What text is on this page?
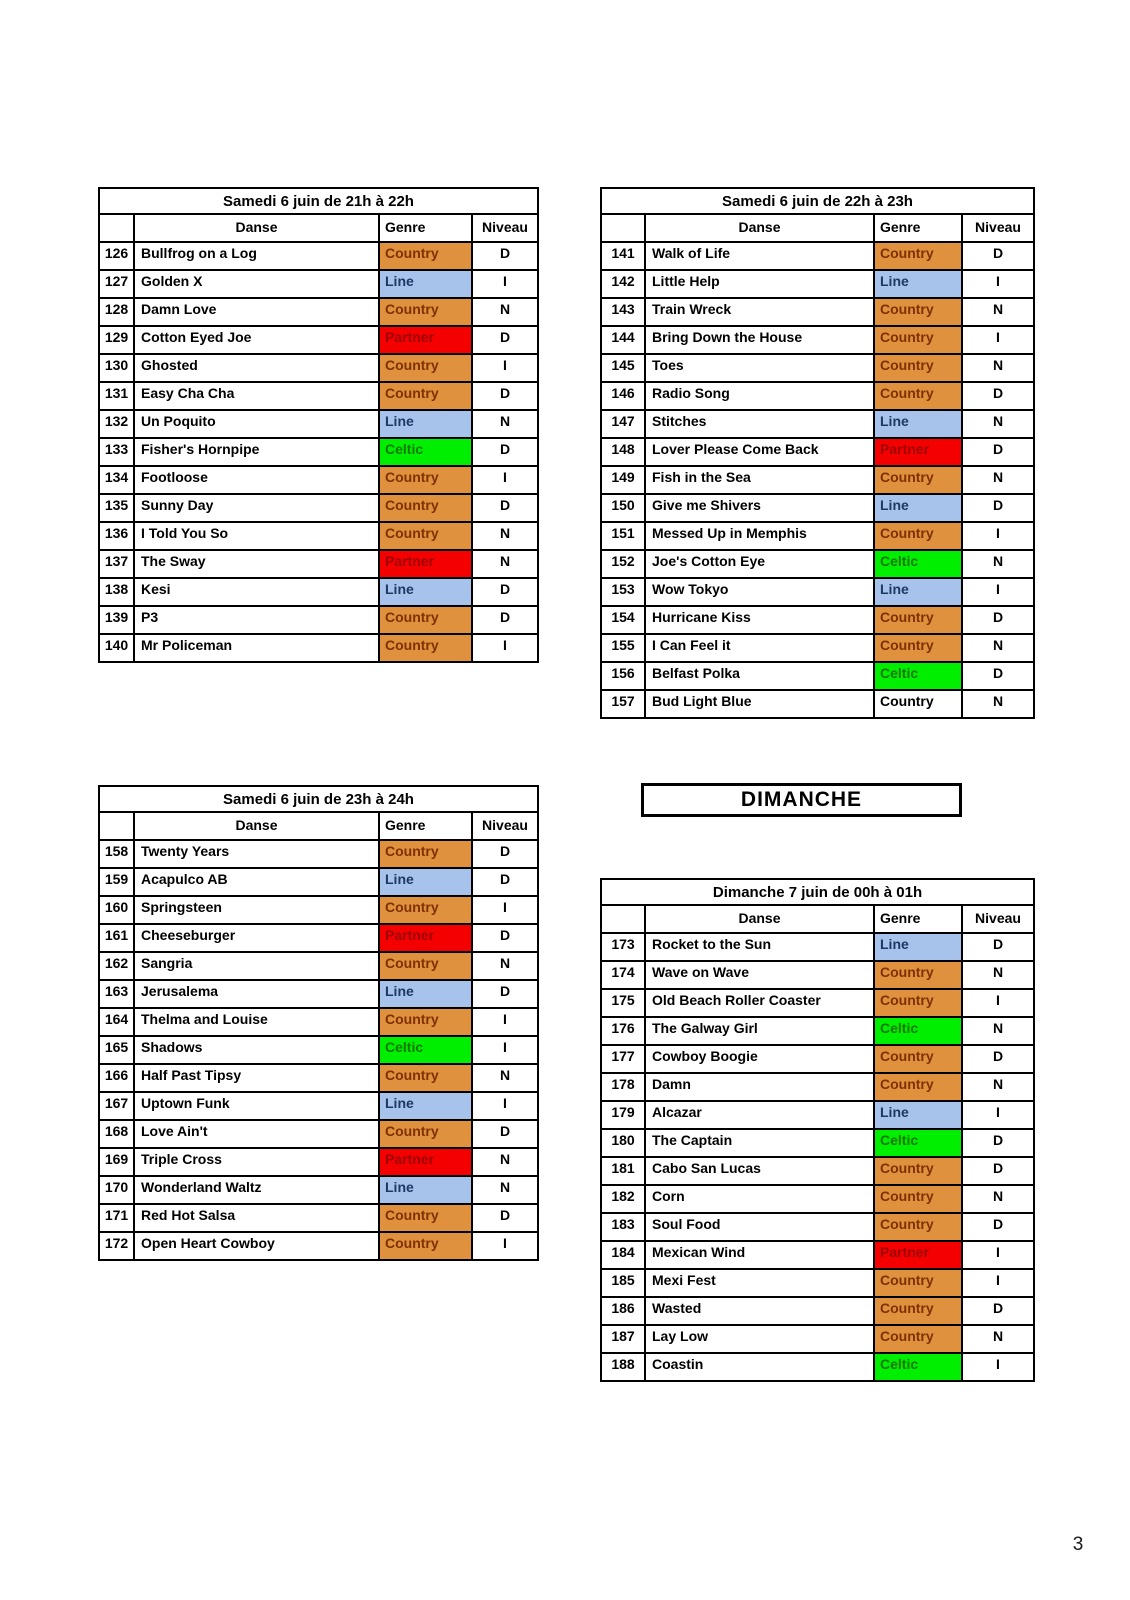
Samedi 6 juin de 21h à 22h			
	Danse	Genre	Niveau
126	Bullfrog on a Log	Country	D
127	Golden X	Line	I
128	Damn Love	Country	N
129	Cotton Eyed Joe	Partner	D
130	Ghosted	Country	I
131	Easy Cha Cha	Country	D
132	Un Poquito	Line	N
133	Fisher's Hornpipe	Celtic	D
134	Footloose	Country	I
135	Sunny Day	Country	D
136	I Told You So	Country	N
137	The Sway	Partner	N
138	Kesi	Line	D
139	P3	Country	D
140	Mr Policeman	Country	I
Samedi 6 juin de 22h à 23h			
	Danse	Genre	Niveau
141	Walk of Life	Country	D
142	Little Help	Line	I
143	Train Wreck	Country	N
144	Bring Down the House	Country	I
145	Toes	Country	N
146	Radio Song	Country	D
147	Stitches	Line	N
148	Lover Please Come Back	Partner	D
149	Fish in the Sea	Country	N
150	Give me Shivers	Line	D
151	Messed Up in Memphis	Country	I
152	Joe's Cotton Eye	Celtic	N
153	Wow Tokyo	Line	I
154	Hurricane Kiss	Country	D
155	I Can Feel it	Country	N
156	Belfast Polka	Celtic	D
157	Bud Light Blue	Country	N
Samedi 6 juin de 23h à 24h			
	Danse	Genre	Niveau
158	Twenty Years	Country	D
159	Acapulco AB	Line	D
160	Springsteen	Country	I
161	Cheeseburger	Partner	D
162	Sangria	Country	N
163	Jerusalema	Line	D
164	Thelma and Louise	Country	I
165	Shadows	Celtic	I
166	Half Past Tipsy	Country	N
167	Uptown Funk	Line	I
168	Love Ain't	Country	D
169	Triple Cross	Partner	N
170	Wonderland Waltz	Line	N
171	Red Hot Salsa	Country	D
172	Open Heart Cowboy	Country	I
DIMANCHE
Dimanche 7 juin de 00h à 01h			
	Danse	Genre	Niveau
173	Rocket to the Sun	Line	D
174	Wave on Wave	Country	N
175	Old Beach Roller Coaster	Country	I
176	The Galway Girl	Celtic	N
177	Cowboy Boogie	Country	D
178	Damn	Country	N
179	Alcazar	Line	I
180	The Captain	Celtic	D
181	Cabo San Lucas	Country	D
182	Corn	Country	N
183	Soul Food	Country	D
184	Mexican Wind	Partner	I
185	Mexi Fest	Country	I
186	Wasted	Country	D
187	Lay Low	Country	N
188	Coastin	Celtic	I
3
